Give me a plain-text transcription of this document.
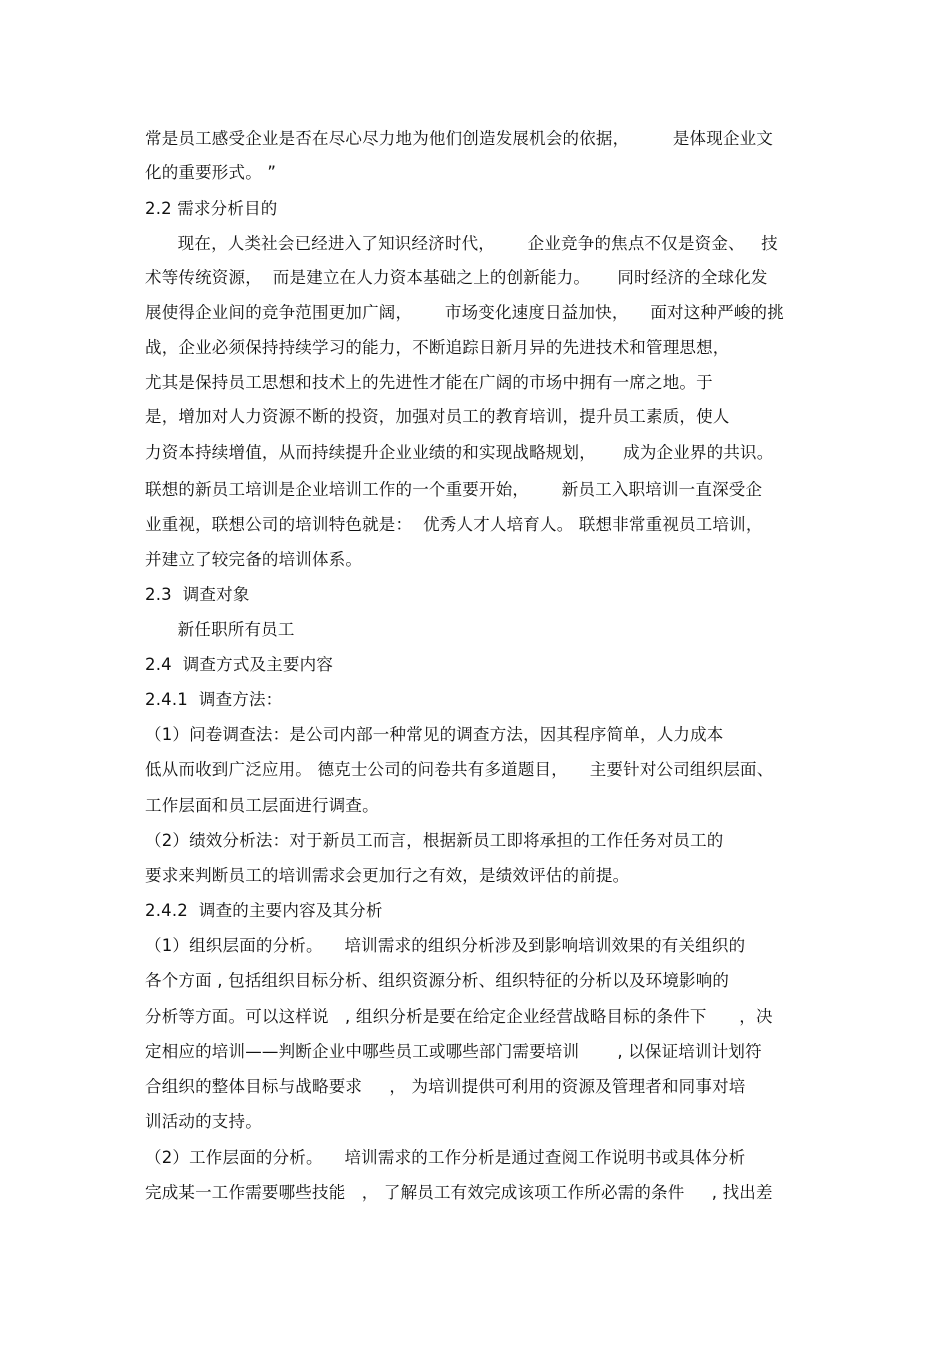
常是员工感受企业是否在尽心尽力地为他们创造发展机会的依据，        是体现企业文
化的重要形式。 ”
2.2 需求分析目的
现在，人类社会已经进入了知识经济时代，      企业竞争的焦点不仅是资金、   技
术等传统资源，  而是建立在人力资本基础之上的创新能力。     同时经济的全球化发
展使得企业间的竞争范围更加广阔，      市场变化速度日益加快，    面对这种严峻的挑
战，企业必须保持持续学习的能力，不断追踪日新月异的先进技术和管理思想，
尤其是保持员工思想和技术上的先进性才能在广阔的市场中拥有一席之地。于
是，增加对人力资源不断的投资，加强对员工的教育培训，提升员工素质，使人
力资本持续增值，从而持续提升企业业绩的和实现战略规划，     成为企业界的共识。
联想的新员工培训是企业培训工作的一个重要开始，      新员工入职培训一直深受企
业重视，联想公司的培训特色就是：  优秀人才人培育人。 联想非常重视员工培训，
并建立了较完备的培训体系。
2.3  调查对象
新任职所有员工
2.4  调查方式及主要内容
2.4.1  调查方法：
（1）问卷调查法：是公司内部一种常见的调查方法，因其程序简单，人力成本
低从而收到广泛应用。 德克士公司的问卷共有多道题目，    主要针对公司组织层面、
工作层面和员工层面进行调查。
（2）绩效分析法：对于新员工而言，根据新员工即将承担的工作任务对员工的
要求来判断员工的培训需求会更加行之有效，是绩效评估的前提。
2.4.2  调查的主要内容及其分析
（1）组织层面的分析。    培训需求的组织分析涉及到影响培训效果的有关组织的
各个方面 , 包括组织目标分析、组织资源分析、组织特征的分析以及环境影响的
分析等方面。可以这样说   , 组织分析是要在给定企业经营战略目标的条件下      ，决
定相应的培训——判断企业中哪些员工或哪些部门需要培训       , 以保证培训计划符
合组织的整体目标与战略要求     ， 为培训提供可利用的资源及管理者和同事对培
训活动的支持。
（2）工作层面的分析。    培训需求的工作分析是通过查阅工作说明书或具体分析
完成某一工作需要哪些技能   ， 了解员工有效完成该项工作所必需的条件     , 找出差
